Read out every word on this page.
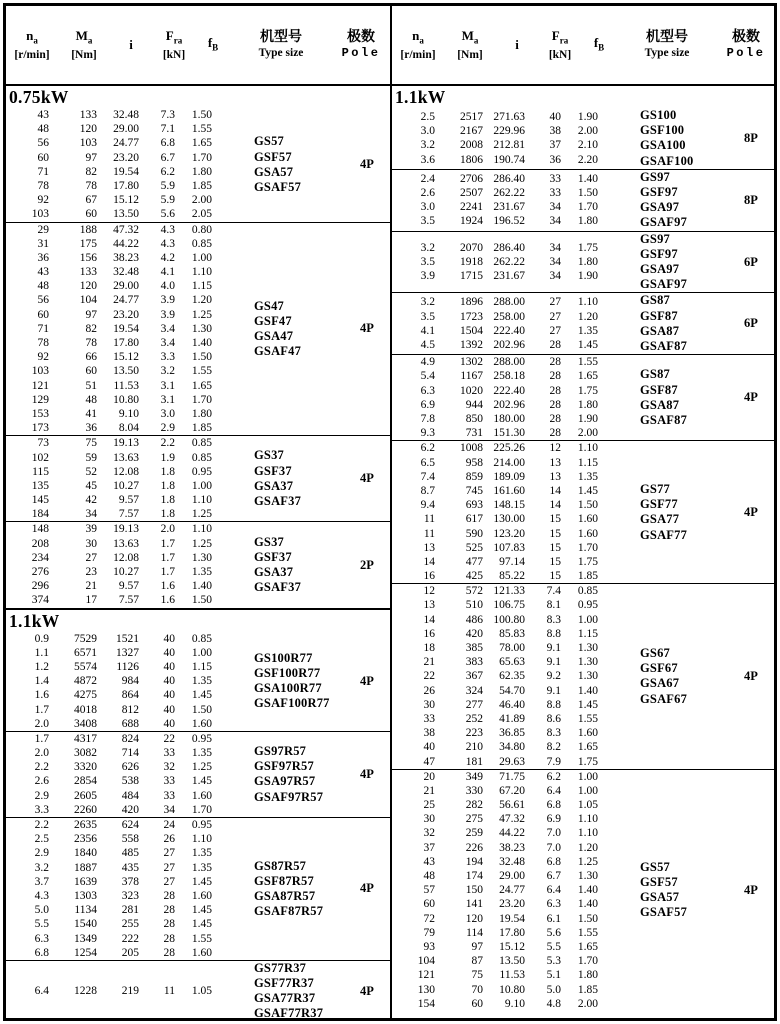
$n_a$
[r/min]
$M_a$
[Nm]
i
$F_{ra}$
[kN]
$f_B$
机型号
Type size
极数
Pole
0.75kW
43	133	32.48	7.3	1.50
48	120	29.00	7.1	1.55
56	103	24.77	6.8	1.65
60	97	23.20	6.7	1.70
71	82	19.54	6.2	1.80
78	78	17.80	5.9	1.85
92	67	15.12	5.9	2.00
103	60	13.50	5.6	2.05
GS57
GSF57
GSA57
GSAF57
4P
29	188	47.32	4.3	0.80
31	175	44.22	4.3	0.85
36	156	38.23	4.2	1.00
43	133	32.48	4.1	1.10
48	120	29.00	4.0	1.15
56	104	24.77	3.9	1.20
60	97	23.20	3.9	1.25
71	82	19.54	3.4	1.30
78	78	17.80	3.4	1.40
92	66	15.12	3.3	1.50
103	60	13.50	3.2	1.55
121	51	11.53	3.1	1.65
129	48	10.80	3.1	1.70
153	41	9.10	3.0	1.80
173	36	8.04	2.9	1.85
GS47
GSF47
GSA47
GSAF47
4P
73	75	19.13	2.2	0.85
102	59	13.63	1.9	0.85
115	52	12.08	1.8	0.95
135	45	10.27	1.8	1.00
145	42	9.57	1.8	1.10
184	34	7.57	1.8	1.25
GS37
GSF37
GSA37
GSAF37
4P
148	39	19.13	2.0	1.10
208	30	13.63	1.7	1.25
234	27	12.08	1.7	1.30
276	23	10.27	1.7	1.35
296	21	9.57	1.6	1.40
374	17	7.57	1.6	1.50
GS37
GSF37
GSA37
GSAF37
2P
1.1kW
0.9	7529	1521	40	0.85
1.1	6571	1327	40	1.00
1.2	5574	1126	40	1.15
1.4	4872	984	40	1.35
1.6	4275	864	40	1.45
1.7	4018	812	40	1.50
2.0	3408	688	40	1.60
GS100R77
GSF100R77
GSA100R77
GSAF100R77
4P
1.7	4317	824	22	0.95
2.0	3082	714	33	1.35
2.2	3320	626	32	1.25
2.6	2854	538	33	1.45
2.9	2605	484	33	1.60
3.3	2260	420	34	1.70
GS97R57
GSF97R57
GSA97R57
GSAF97R57
4P
2.2	2635	624	24	0.95
2.5	2356	558	26	1.10
2.9	1840	485	27	1.35
3.2	1887	435	27	1.35
3.7	1639	378	27	1.45
4.3	1303	323	28	1.60
5.0	1134	281	28	1.45
5.5	1540	255	28	1.45
6.3	1349	222	28	1.55
6.8	1254	205	28	1.60
GS87R57
GSF87R57
GSA87R57
GSAF87R57
4P
6.4	1228	219	11	1.05
GS77R37
GSF77R37
GSA77R37
GSAF77R37
4P
$n_a$
[r/min]
$M_a$
[Nm]
i
$F_{ra}$
[kN]
$f_B$
机型号
Type size
极数
Pole
1.1kW
2.5	2517 271.63	40	1.90
3.0	2167 229.96	38	2.00
3.2	2008 212.81	37	2.10
3.6	1806 190.74	36	2.20
GS100
GSF100
GSA100
GSAF100
8P
2.4	2706 286.40	33	1.40
2.6	2507 262.22	33	1.50
3.0	2241 231.67	34	1.70
3.5	1924 196.52	34	1.80
GS97
GSF97
GSA97
GSAF97
8P
3.2	2070 286.40	34	1.75
3.5	1918 262.22	34	1.80
3.9	1715 231.67	34	1.90
GS97
GSF97
GSA97
GSAF97
6P
3.2	1896 288.00	27	1.10
3.5	1723 258.00	27	1.20
4.1	1504 222.40	27	1.35
4.5	1392 202.96	28	1.45
GS87
GSF87
GSA87
GSAF87
6P
4.9	1302 288.00	28	1.55
5.4	1167 258.18	28	1.65
6.3	1020 222.40	28	1.75
6.9	944 202.96	28	1.80
7.8	850 180.00	28	1.90
9.3	731 151.30	28	2.00
GS87
GSF87
GSA87
GSAF87
4P
6.2	1008 225.26	12	1.10
6.5	958 214.00	13	1.15
7.4	859 189.09	13	1.35
8.7	745 161.60	14	1.45
9.4	693 148.15	14	1.50
11	617 130.00	15	1.60
11	590 123.20	15	1.60
13	525 107.83	15	1.70
14	477	97.14	15	1.75
16	425	85.22	15	1.85
GS77
GSF77
GSA77
GSAF77
4P
12	572 121.33	7.4	0.85
13	510 106.75	8.1	0.95
14	486 100.80	8.3	1.00
16	420	85.83	8.8	1.15
18	385	78.00	9.1	1.30
21	383	65.63	9.1	1.30
22	367	62.35	9.2	1.30
26	324	54.70	9.1	1.40
30	277	46.40	8.8	1.45
33	252	41.89	8.6	1.55
38	223	36.85	8.3	1.60
40	210	34.80	8.2	1.65
47	181	29.63	7.9	1.75
GS67
GSF67
GSA67
GSAF67
4P
20	349	71.75	6.2	1.00
21	330	67.20	6.4	1.00
25	282	56.61	6.8	1.05
30	275	47.32	6.9	1.10
32	259	44.22	7.0	1.10
37	226	38.23	7.0	1.20
43	194	32.48	6.8	1.25
48	174	29.00	6.7	1.30
57	150	24.77	6.4	1.40
60	141	23.20	6.3	1.40
72	120	19.54	6.1	1.50
79	114	17.80	5.6	1.55
93	97	15.12	5.5	1.65
104	87	13.50	5.3	1.70
121	75	11.53	5.1	1.80
130	70	10.80	5.0	1.85
154	60	9.10	4.8	2.00
GS57
GSF57
GSA57
GSAF57
4P
